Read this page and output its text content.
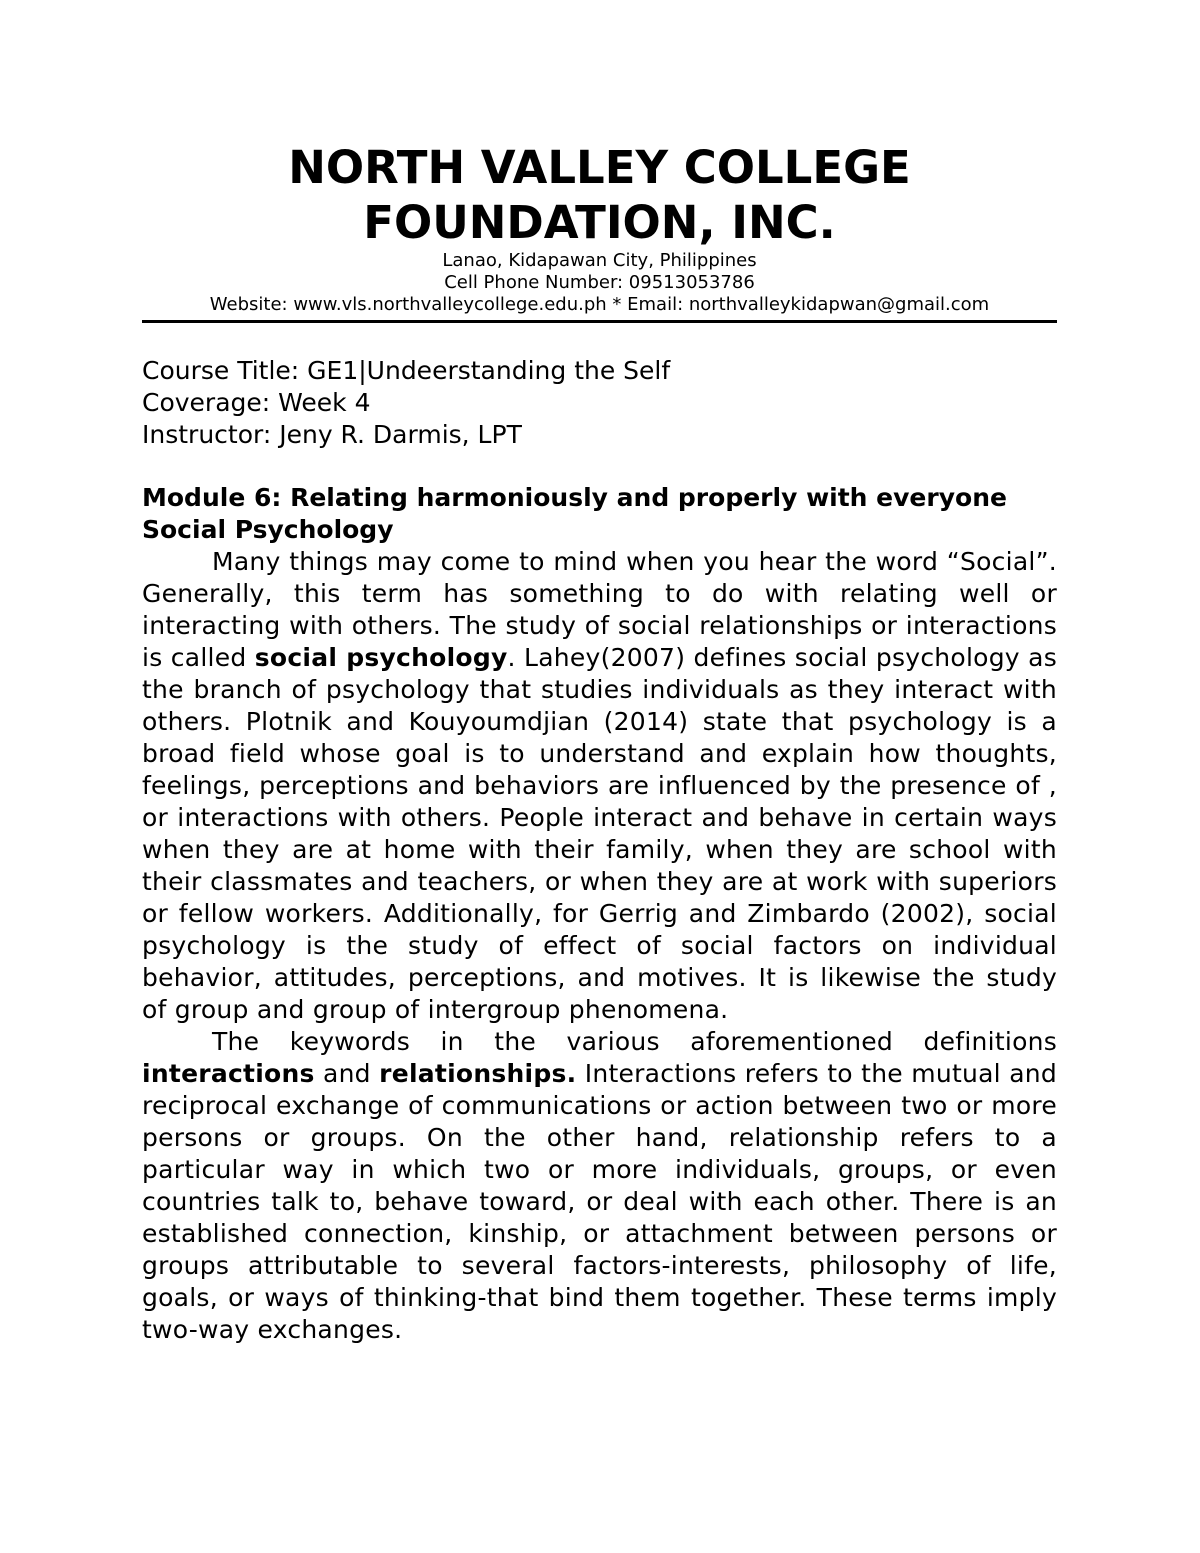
NORTH VALLEY COLLEGE
FOUNDATION, INC.
Lanao, Kidapawan City, Philippines
Cell Phone Number: 09513053786
Website: www.vls.northvalleycollege.edu.ph * Email: northvalleykidapwan@gmail.com
Course Title: GE1|Undeerstanding the Self
Coverage: Week 4
Instructor: Jeny R. Darmis, LPT
Module 6: Relating harmoniously and properly with everyone
Social Psychology

Many things may come to mind when you hear the word “Social”. Generally, this term has something to do with relating well or interacting with others. The study of social relationships or interactions is called social psychology. Lahey(2007) defines social psychology as the branch of psychology that studies individuals as they interact with others. Plotnik and Kouyoumdjian (2014) state that psychology is a broad field whose goal is to understand and explain how thoughts, feelings, perceptions and behaviors are influenced by the presence of , or interactions with others. People interact and behave in certain ways when they are at home with their family, when they are school with their classmates and teachers, or when they are at work with superiors or fellow workers. Additionally, for Gerrig and Zimbardo (2002), social psychology is the study of effect of social factors on individual behavior, attitudes, perceptions, and motives. It is likewise the study of group and group of intergroup phenomena.

The keywords in the various aforementioned definitions interactions and relationships. Interactions refers to the mutual and reciprocal exchange of communications or action between two or more persons or groups. On the other hand, relationship refers to a particular way in which two or more individuals, groups, or even countries talk to, behave toward, or deal with each other. There is an established connection, kinship, or attachment between persons or groups attributable to several factors-interests, philosophy of life, goals, or ways of thinking-that bind them together. These terms imply two-way exchanges.
